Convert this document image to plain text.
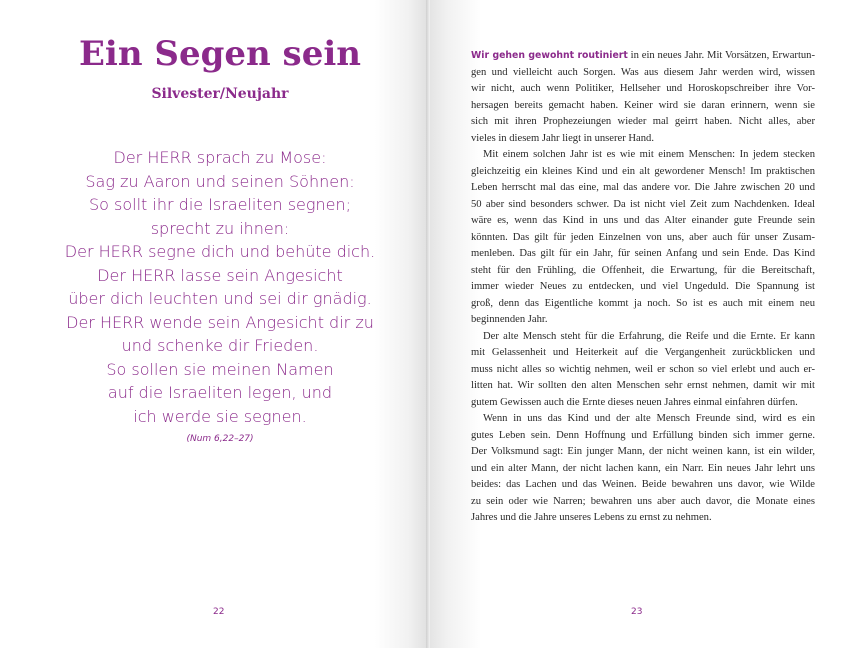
Ein Segen sein
Silvester/Neujahr
Der HERR sprach zu Mose:
Sag zu Aaron und seinen Söhnen:
So sollt ihr die Israeliten segnen;
sprecht zu ihnen:
Der HERR segne dich und behüte dich.
Der HERR lasse sein Angesicht
über dich leuchten und sei dir gnädig.
Der HERR wende sein Angesicht dir zu
und schenke dir Frieden.
So sollen sie meinen Namen
auf die Israeliten legen, und
ich werde sie segnen.
(Num 6,22–27)
22
Wir gehen gewohnt routiniert in ein neues Jahr. Mit Vorsätzen, Erwartun-
gen und vielleicht auch Sorgen. Was aus diesem Jahr werden wird, wissen
wir nicht, auch wenn Politiker, Hellseher und Horoskopschreiber ihre Vor-
hersagen bereits gemacht haben. Keiner wird sie daran erinnern, wenn sie
sich mit ihren Prophezeiungen wieder mal geirrt haben. Nicht alles, aber
vieles in diesem Jahr liegt in unserer Hand.
Mit einem solchen Jahr ist es wie mit einem Menschen: In jedem stecken
gleichzeitig ein kleines Kind und ein alt gewordener Mensch! Im praktischen
Leben herrscht mal das eine, mal das andere vor. Die Jahre zwischen 20 und
50 aber sind besonders schwer. Da ist nicht viel Zeit zum Nachdenken. Ideal
wäre es, wenn das Kind in uns und das Alter einander gute Freunde sein
könnten. Das gilt für jeden Einzelnen von uns, aber auch für unser Zusam-
menleben. Das gilt für ein Jahr, für seinen Anfang und sein Ende. Das Kind
steht für den Frühling, die Offenheit, die Erwartung, für die Bereitschaft,
immer wieder Neues zu entdecken, und viel Ungeduld. Die Spannung ist
groß, denn das Eigentliche kommt ja noch. So ist es auch mit einem neu
beginnenden Jahr.
Der alte Mensch steht für die Erfahrung, die Reife und die Ernte. Er kann
mit Gelassenheit und Heiterkeit auf die Vergangenheit zurückblicken und
muss nicht alles so wichtig nehmen, weil er schon so viel erlebt und auch er-
litten hat. Wir sollten den alten Menschen sehr ernst nehmen, damit wir mit
gutem Gewissen auch die Ernte dieses neuen Jahres einmal einfahren dürfen.
Wenn in uns das Kind und der alte Mensch Freunde sind, wird es ein
gutes Leben sein. Denn Hoffnung und Erfüllung binden sich immer gerne.
Der Volksmund sagt: Ein junger Mann, der nicht weinen kann, ist ein wilder,
und ein alter Mann, der nicht lachen kann, ein Narr. Ein neues Jahr lehrt uns
beides: das Lachen und das Weinen. Beide bewahren uns davor, wie Wilde
zu sein oder wie Narren; bewahren uns aber auch davor, die Monate eines
Jahres und die Jahre unseres Lebens zu ernst zu nehmen.
23
